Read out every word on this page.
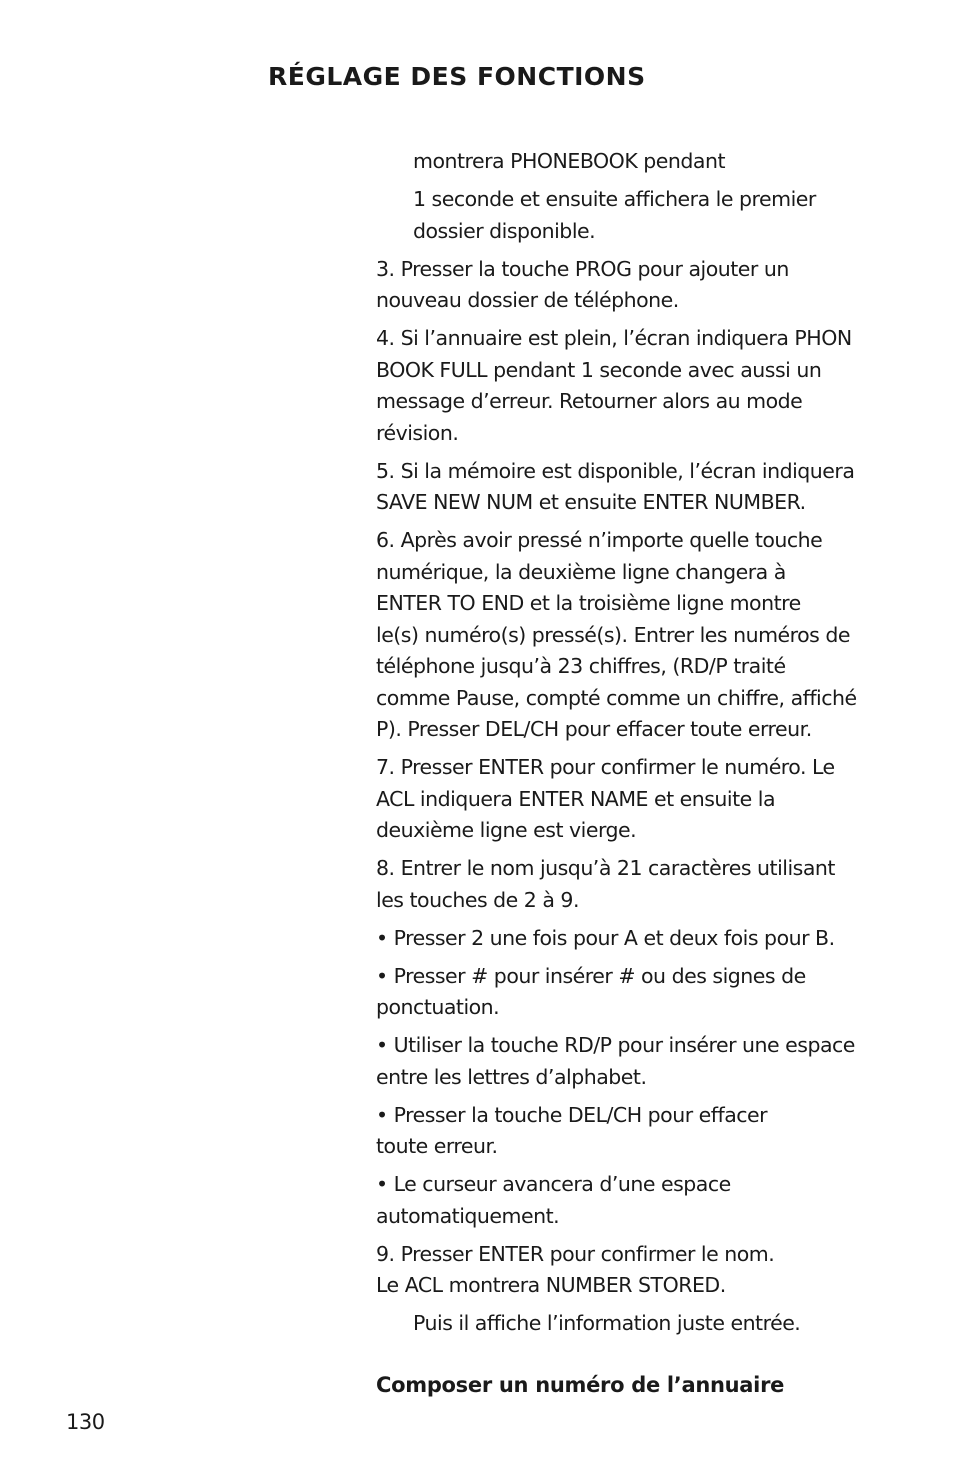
RÉGLAGE DES FONCTIONS

montrera PHONEBOOK pendant

1 seconde et ensuite affichera le premier
dossier disponible.

3. Presser la touche PROG pour ajouter un
nouveau dossier de téléphone.

4. Si l’annuaire est plein, l’écran indiquera PHON
BOOK FULL pendant 1 seconde avec aussi un
message d’erreur. Retourner alors au mode
révision.

5. Si la mémoire est disponible, l’écran indiquera
SAVE NEW NUM et ensuite ENTER NUMBER.

6. Après avoir pressé n’importe quelle touche
numérique, la deuxième ligne changera à
ENTER TO END et la troisième ligne montre
le(s) numéro(s) pressé(s). Entrer les numéros de
téléphone jusqu’à 23 chiffres, (RD/P traité
comme Pause, compté comme un chiffre, affiché

P). Presser DEL/CH pour effacer toute erreur.

7. Presser ENTER pour confirmer le numéro. Le
ACL indiquera ENTER NAME et ensuite la
deuxième ligne est vierge.

8. Entrer le nom jusqu’à 21 caractères utilisant
les touches de 2 à 9.

• Presser 2 une fois pour A et deux fois pour B.

• Presser # pour insérer # ou des signes de
ponctuation.

• Utiliser la touche RD/P pour insérer une espace
entre les lettres d’alphabet.

• Presser la touche DEL/CH pour effacer
toute erreur.

• Le curseur avancera d’une espace
automatiquement.

9. Presser ENTER pour confirmer le nom.
Le ACL montrera NUMBER STORED.

Puis il affiche l’information juste entrée.

Composer un numéro de l’annuaire
130
